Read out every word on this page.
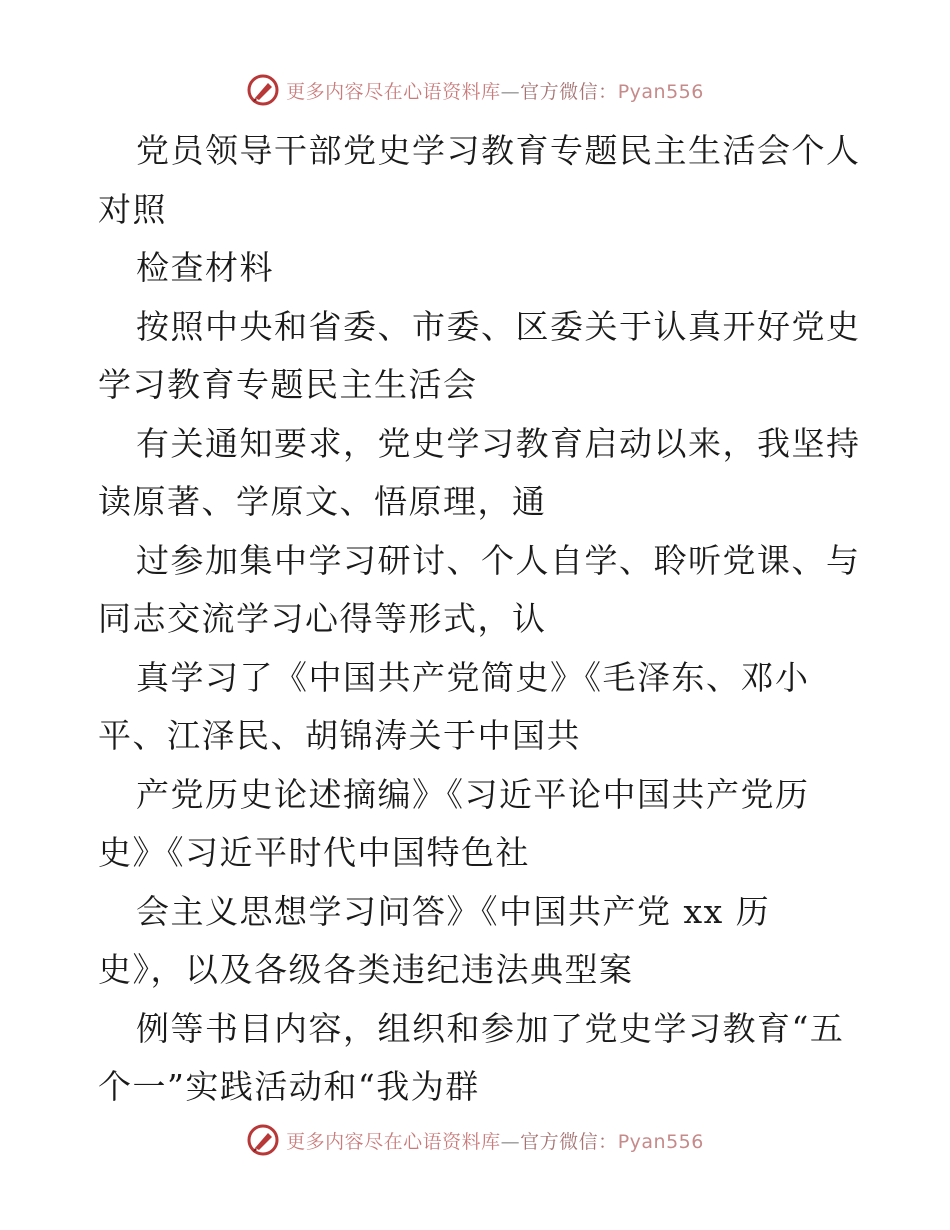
更多内容尽在心语资料库—官方微信：Pyan556
党员领导干部党史学习教育专题民主生活会个人
对照
检查材料
按照中央和省委、市委、区委关于认真开好党史
学习教育专题民主生活会
有关通知要求，党史学习教育启动以来，我坚持
读原著、学原文、悟原理，通
过参加集中学习研讨、个人自学、聆听党课、与
同志交流学习心得等形式，认
真学习了《中国共产党简史》《毛泽东、邓小
平、江泽民、胡锦涛关于中国共
产党历史论述摘编》《习近平论中国共产党历
史》《习近平时代中国特色社
会主义思想学习问答》《中国共产党 xx 历
史》，以及各级各类违纪违法典型案
例等书目内容，组织和参加了党史学习教育“五
个一”实践活动和“我为群
更多内容尽在心语资料库—官方微信：Pyan556
